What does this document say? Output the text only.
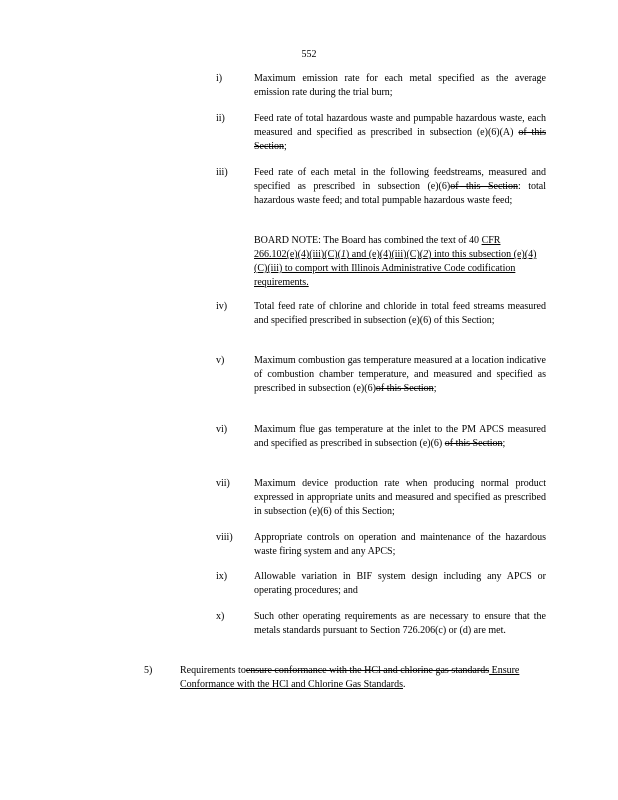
552
i)	Maximum emission rate for each metal specified as the average emission rate during the trial burn;

ii)	Feed rate of total hazardous waste and pumpable hazardous waste, each measured and specified as prescribed in subsection (e)(6)(A) of this Section;

iii)	Feed rate of each metal in the following feedstreams, measured and specified as prescribed in subsection (e)(6)of this Section: total hazardous waste feed; and total pumpable hazardous waste feed;

BOARD NOTE: The Board has combined the text of 40 CFR 266.102(e)(4)(iii)(C)(1) and (e)(4)(iii)(C)(2) into this subsection (e)(4)(C)(iii) to comport with Illinois Administrative Code codification requirements.

iv)	Total feed rate of chlorine and chloride in total feed streams measured and specified prescribed in subsection (e)(6) of this Section;

v)	Maximum combustion gas temperature measured at a location indicative of combustion chamber temperature, and measured and specified as prescribed in subsection (e)(6)of this Section;

vi)	Maximum flue gas temperature at the inlet to the PM APCS measured and specified as prescribed in subsection (e)(6) of this Section;

vii) Maximum device production rate when producing normal product expressed in appropriate units and measured and specified as prescribed in subsection (e)(6) of this Section;

viii) Appropriate controls on operation and maintenance of the hazardous waste firing system and any APCS;

ix)	Allowable variation in BIF system design including any APCS or operating procedures; and

x)	Such other operating requirements as are necessary to ensure that the metals standards pursuant to Section 726.206(c) or (d) are met.

5)	Requirements toensure conformance with the HCl and chlorine gas standards Ensure Conformance with the HCl and Chlorine Gas Standards.
